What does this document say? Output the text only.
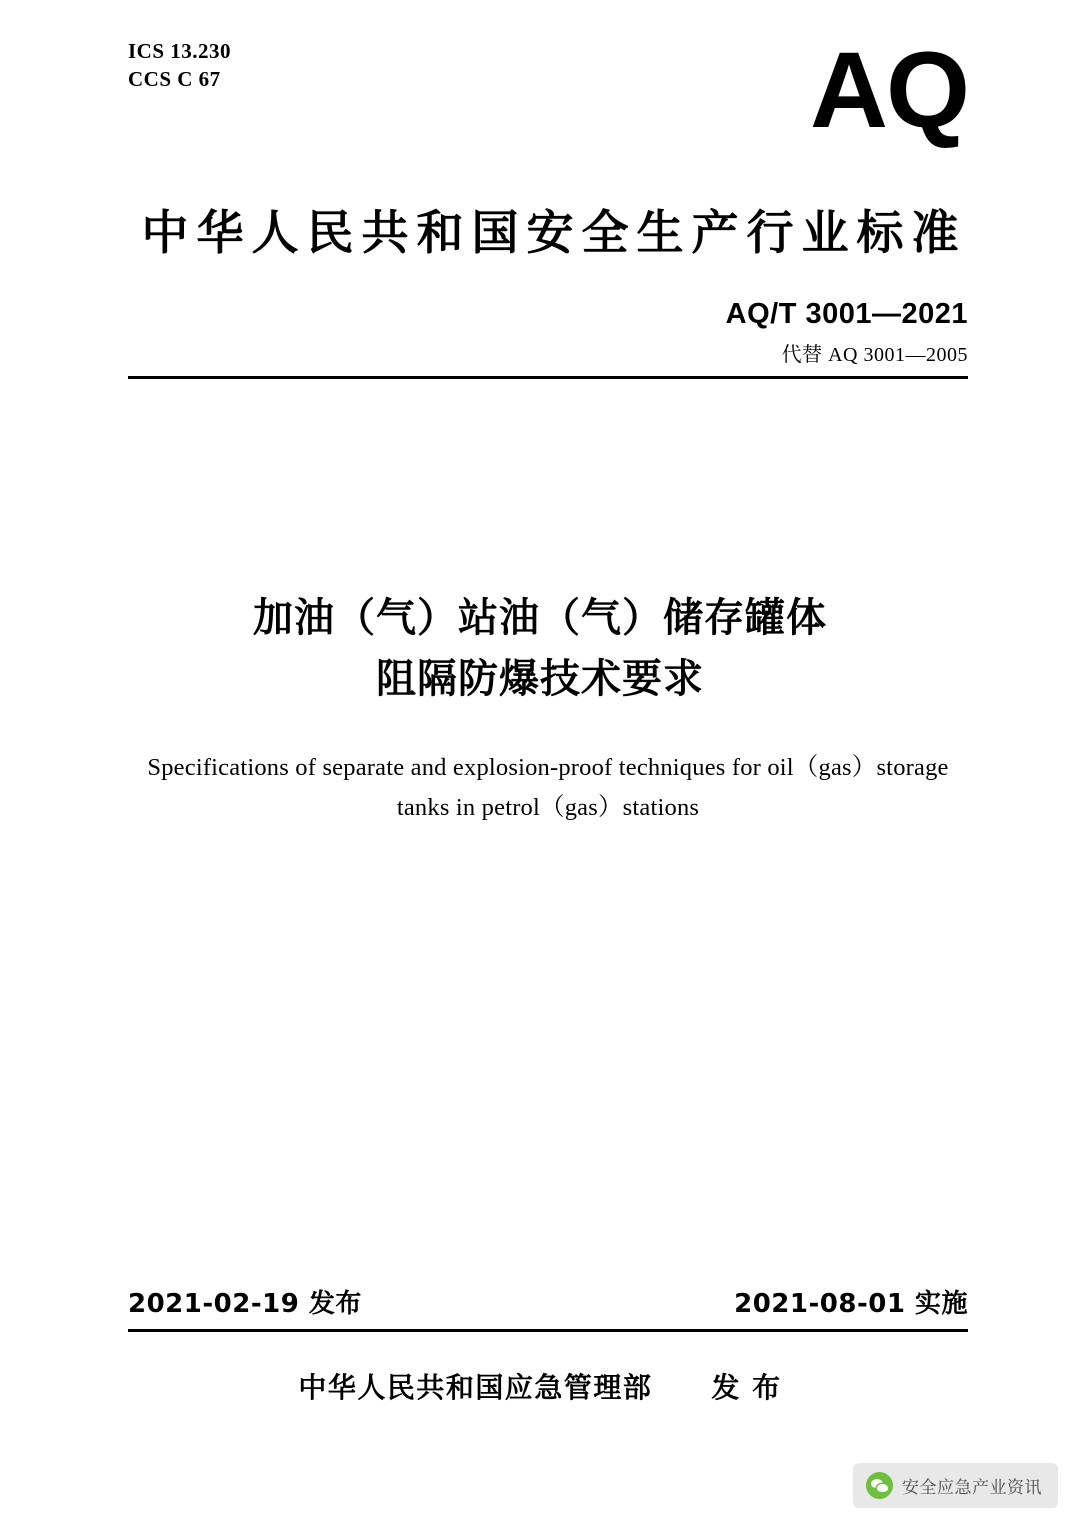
ICS 13.230
CCS C 67	AQ
中华人民共和国安全生产行业标准
AQ/T 3001—2021
代替 AQ 3001—2005
加油（气）站油（气）储存罐体
阻隔防爆技术要求
Specifications of separate and explosion-proof techniques for oil（gas）storage
tanks in petrol（gas）stations
2021-02-19 发布	2021-08-01 实施
中华人民共和国应急管理部　　发 布
安全应急产业资讯
